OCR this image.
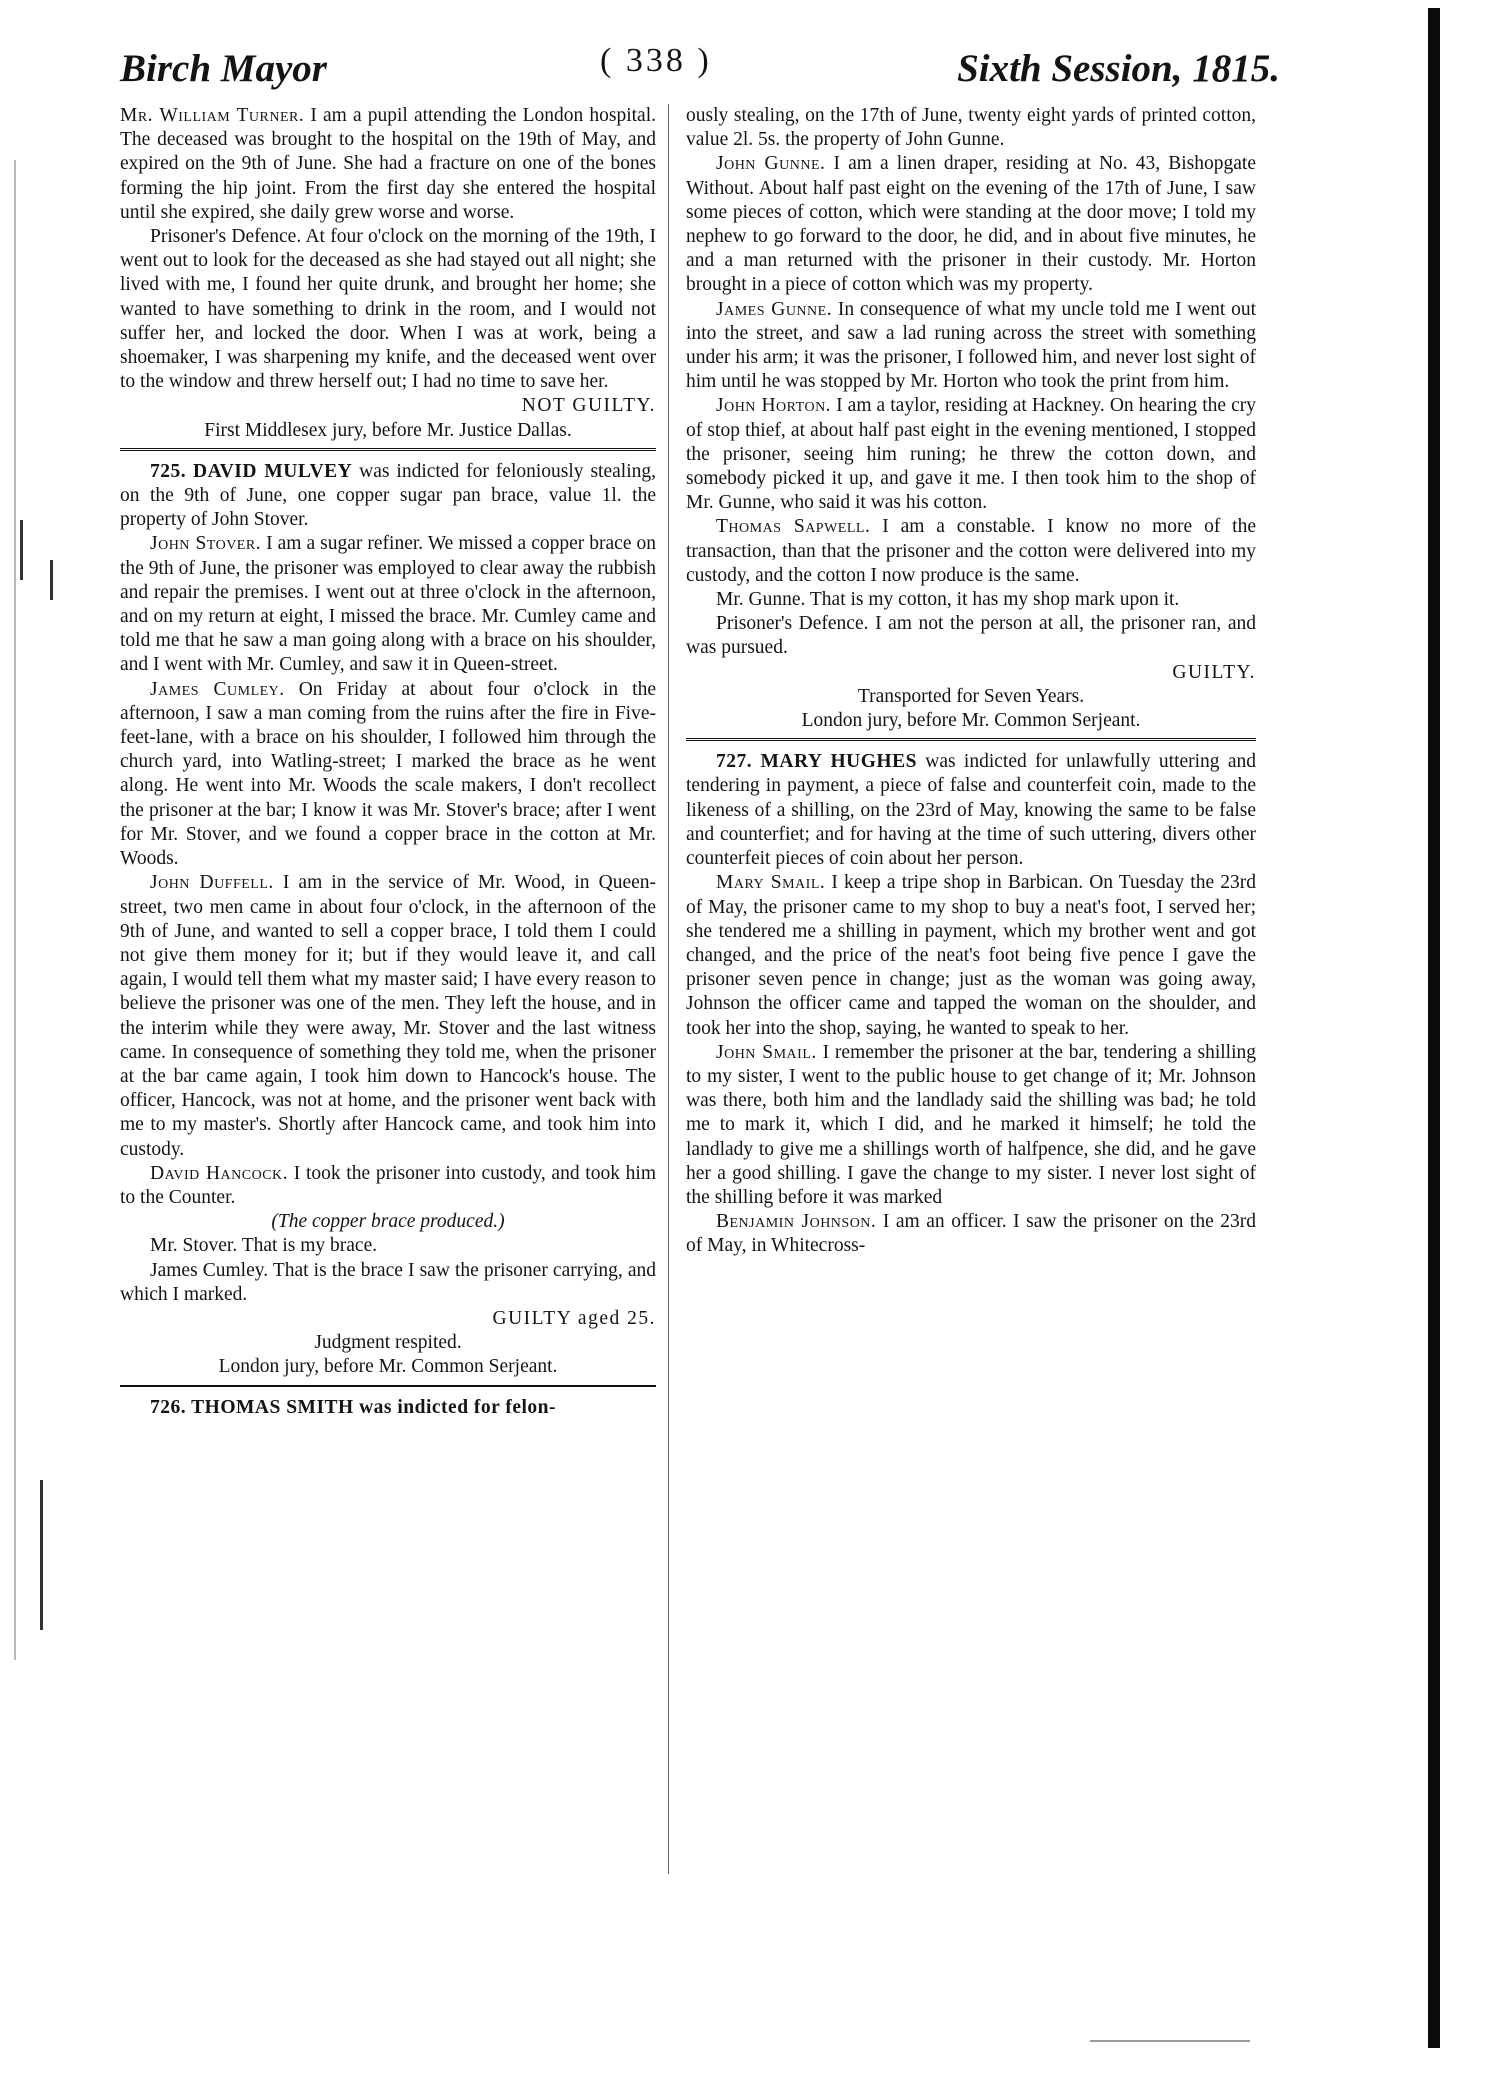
Birch Mayor	( 338 )	Sixth Session, 1815.

Mr. William Turner. I am a pupil attending the London hospital. The deceased was brought to the hospital on the 19th of May, and expired on the 9th of June. She had a fracture on one of the bones forming the hip joint. From the first day she entered the hospital until she expired, she daily grew worse and worse.

Prisoner's Defence. At four o'clock on the morning of the 19th, I went out to look for the deceased as she had stayed out all night; she lived with me, I found her quite drunk, and brought her home; she wanted to have something to drink in the room, and I would not suffer her, and locked the door. When I was at work, being a shoemaker, I was sharpening my knife, and the deceased went over to the window and threw herself out; I had no time to save her.

NOT GUILTY.

First Middlesex jury, before Mr. Justice Dallas.

725. DAVID MULVEY was indicted for feloniously stealing, on the 9th of June, one copper sugar pan brace, value 1l. the property of John Stover.

John Stover. I am a sugar refiner. We missed a copper brace on the 9th of June, the prisoner was employed to clear away the rubbish and repair the premises. I went out at three o'clock in the afternoon, and on my return at eight, I missed the brace. Mr. Cumley came and told me that he saw a man going along with a brace on his shoulder, and I went with Mr. Cumley, and saw it in Queen-street.

James Cumley. On Friday at about four o'clock in the afternoon, I saw a man coming from the ruins after the fire in Five-feet-lane, with a brace on his shoulder, I followed him through the church yard, into Watling-street; I marked the brace as he went along. He went into Mr. Woods the scale makers, I don't recollect the prisoner at the bar; I know it was Mr. Stover's brace; after I went for Mr. Stover, and we found a copper brace in the cotton at Mr. Woods.

John Duffell. I am in the service of Mr. Wood, in Queen-street, two men came in about four o'clock, in the afternoon of the 9th of June, and wanted to sell a copper brace, I told them I could not give them money for it; but if they would leave it, and call again, I would tell them what my master said; I have every reason to believe the prisoner was one of the men. They left the house, and in the interim while they were away, Mr. Stover and the last witness came. In consequence of something they told me, when the prisoner at the bar came again, I took him down to Hancock's house. The officer, Hancock, was not at home, and the prisoner went back with me to my master's. Shortly after Hancock came, and took him into custody.

David Hancock. I took the prisoner into custody, and took him to the Counter.

(The copper brace produced.)

Mr. Stover. That is my brace.

James Cumley. That is the brace I saw the prisoner carrying, and which I marked.

GUILTY aged 25.

Judgment respited.

London jury, before Mr. Common Serjeant.

726. THOMAS SMITH was indicted for felon-

ously stealing, on the 17th of June, twenty eight yards of printed cotton, value 2l. 5s. the property of John Gunne.

John Gunne. I am a linen draper, residing at No. 43, Bishopgate Without. About half past eight on the evening of the 17th of June, I saw some pieces of cotton, which were standing at the door move; I told my nephew to go forward to the door, he did, and in about five minutes, he and a man returned with the prisoner in their custody. Mr. Horton brought in a piece of cotton which was my property.

James Gunne. In consequence of what my uncle told me I went out into the street, and saw a lad runing across the street with something under his arm; it was the prisoner, I followed him, and never lost sight of him until he was stopped by Mr. Horton who took the print from him.

John Horton. I am a taylor, residing at Hackney. On hearing the cry of stop thief, at about half past eight in the evening mentioned, I stopped the prisoner, seeing him runing; he threw the cotton down, and somebody picked it up, and gave it me. I then took him to the shop of Mr. Gunne, who said it was his cotton.

Thomas Sapwell. I am a constable. I know no more of the transaction, than that the prisoner and the cotton were delivered into my custody, and the cotton I now produce is the same.

Mr. Gunne. That is my cotton, it has my shop mark upon it.

Prisoner's Defence. I am not the person at all, the prisoner ran, and was pursued.

GUILTY.

Transported for Seven Years.

London jury, before Mr. Common Serjeant.

727. MARY HUGHES was indicted for unlawfully uttering and tendering in payment, a piece of false and counterfeit coin, made to the likeness of a shilling, on the 23rd of May, knowing the same to be false and counterfiet; and for having at the time of such uttering, divers other counterfeit pieces of coin about her person.

Mary Smail. I keep a tripe shop in Barbican. On Tuesday the 23rd of May, the prisoner came to my shop to buy a neat's foot, I served her; she tendered me a shilling in payment, which my brother went and got changed, and the price of the neat's foot being five pence I gave the prisoner seven pence in change; just as the woman was going away, Johnson the officer came and tapped the woman on the shoulder, and took her into the shop, saying, he wanted to speak to her.

John Smail. I remember the prisoner at the bar, tendering a shilling to my sister, I went to the public house to get change of it; Mr. Johnson was there, both him and the landlady said the shilling was bad; he told me to mark it, which I did, and he marked it himself; he told the landlady to give me a shillings worth of halfpence, she did, and he gave her a good shilling. I gave the change to my sister. I never lost sight of the shilling before it was marked

Benjamin Johnson. I am an officer. I saw the prisoner on the 23rd of May, in Whitecross-
